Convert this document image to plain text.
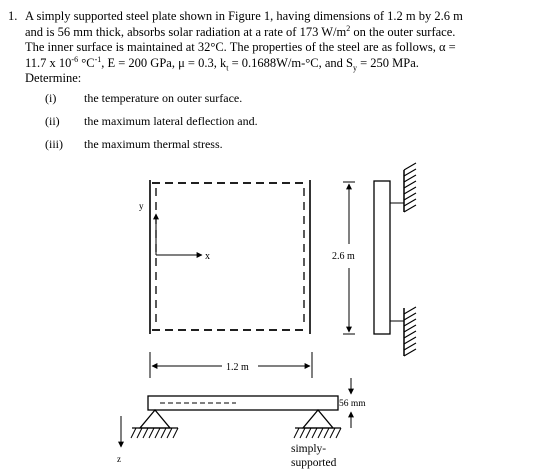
1. A simply supported steel plate shown in Figure 1, having dimensions of 1.2 m by 2.6 m

and is 56 mm thick, absorbs solar radiation at a rate of 173 $W/m^2$ on the outer surface.

The inner surface is maintained at 32°C. The properties of the steel are as follows, α =

11.7 x $10^{-6}$ $^\circ C^{-1}$, E = 200 GPa, μ = 0.3, $k_t = 0.1688W/m-^\circ C$, and $S_y = 250$ MPa.

Determine:

(i) the temperature on outer surface.
(ii) the maximum lateral deflection and.
(iii) the maximum thermal stress.
y
x	2.6 m
1.2 m
56 mm
z
simply-
supported
